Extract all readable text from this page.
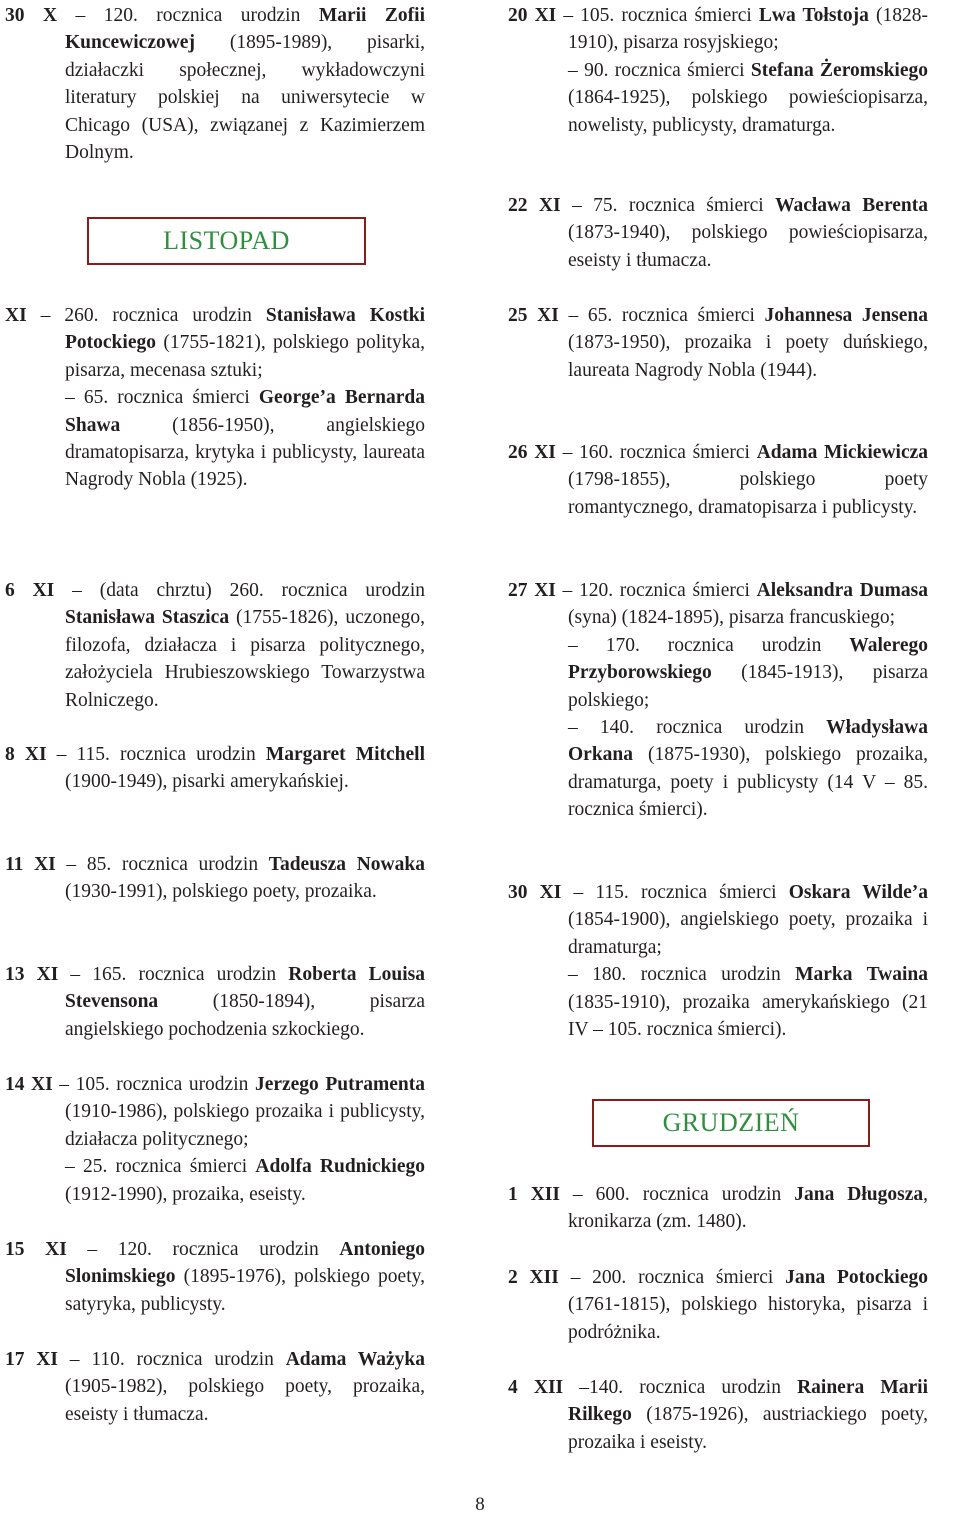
30 X – 120. rocznica urodzin Marii Zofii Kuncewiczowej (1895-1989), pisarki, działaczki społecznej, wykładowczyni literatury polskiej na uniwersytecie w Chicago (USA), związanej z Kazimierzem Dolnym.

LISTOPAD

XI – 260. rocznica urodzin Stanisława Kostki Potockiego (1755-1821), polskiego polityka, pisarza, mecenasa sztuki;

– 65. rocznica śmierci George’a Bernarda Shawa (1856-1950), angielskiego dramatopisarza, krytyka i publicysty, laureata Nagrody Nobla (1925).

6 XI – (data chrztu) 260. rocznica urodzin Stanisława Staszica (1755-1826), uczonego, filozofa, działacza i pisarza politycznego, założyciela Hrubieszowskiego Towarzystwa Rolniczego.

8 XI – 115. rocznica urodzin Margaret Mitchell (1900-1949), pisarki amerykańskiej.

11 XI – 85. rocznica urodzin Tadeusza Nowaka (1930-1991), polskiego poety, prozaika.

13 XI – 165. rocznica urodzin Roberta Louisa Stevensona (1850-1894), pisarza angielskiego pochodzenia szkockiego.

14 XI – 105. rocznica urodzin Jerzego Putramenta (1910-1986), polskiego prozaika i publicysty, działacza politycznego;

– 25. rocznica śmierci Adolfa Rudnickiego (1912-1990), prozaika, eseisty.

15 XI – 120. rocznica urodzin Antoniego Slonimskiego (1895-1976), polskiego poety, satyryka, publicysty.

17 XI – 110. rocznica urodzin Adama Ważyka (1905-1982), polskiego poety, prozaika, eseisty i tłumacza.

20 XI – 105. rocznica śmierci Lwa Tołstoja (1828-1910), pisarza rosyjskiego;

– 90. rocznica śmierci Stefana Żeromskiego (1864-1925), polskiego powieściopisarza, nowelisty, publicysty, dramaturga.

22 XI – 75. rocznica śmierci Wacława Berenta (1873-1940), polskiego powieściopisarza, eseisty i tłumacza.

25 XI – 65. rocznica śmierci Johannesa Jensena (1873-1950), prozaika i poety duńskiego, laureata Nagrody Nobla (1944).

26 XI – 160. rocznica śmierci Adama Mickiewicza (1798-1855), polskiego poety romantycznego, dramatopisarza i publicysty.

27 XI – 120. rocznica śmierci Aleksandra Dumasa (syna) (1824-1895), pisarza francuskiego;

– 170. rocznica urodzin Walerego Przyborowskiego (1845-1913), pisarza polskiego;

– 140. rocznica urodzin Władysława Orkana (1875-1930), polskiego prozaika, dramaturga, poety i publicysty (14 V – 85. rocznica śmierci).

30 XI – 115. rocznica śmierci Oskara Wilde’a (1854-1900), angielskiego poety, prozaika i dramaturga;

– 180. rocznica urodzin Marka Twaina (1835-1910), prozaika amerykańskiego (21 IV – 105. rocznica śmierci).

GRUDZIEŃ

1 XII – 600. rocznica urodzin Jana Długosza, kronikarza (zm. 1480).

2 XII – 200. rocznica śmierci Jana Potockiego (1761-1815), polskiego historyka, pisarza i podróżnika.

4 XII –140. rocznica urodzin Rainera Marii Rilkego (1875-1926), austriackiego poety, prozaika i eseisty.

8
